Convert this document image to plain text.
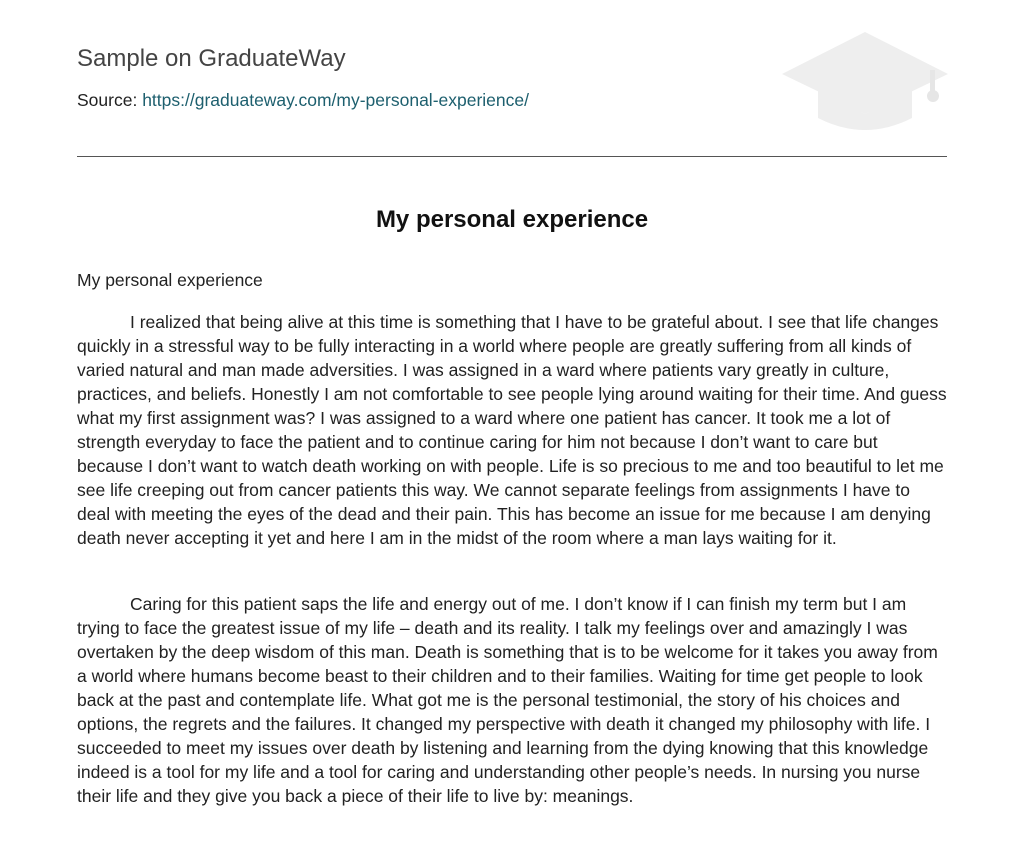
Sample on GraduateWay
Source: https://graduateway.com/my-personal-experience/
My personal experience

My personal experience

I realized that being alive at this time is something that I have to be grateful about. I see that life changes quickly in a stressful way to be fully interacting in a world where people are greatly suffering from all kinds of varied natural and man made adversities. I was assigned in a ward where patients vary greatly in culture, practices, and beliefs. Honestly I am not comfortable to see people lying around waiting for their time. And guess what my first assignment was? I was assigned to a ward where one patient has cancer. It took me a lot of strength everyday to face the patient and to continue caring for him not because I don’t want to care but because I don’t want to watch death working on with people. Life is so precious to me and too beautiful to let me see life creeping out from cancer patients this way. We cannot separate feelings from assignments I have to deal with meeting the eyes of the dead and their pain. This has become an issue for me because I am denying death never accepting it yet and here I am in the midst of the room where a man lays waiting for it.

Caring for this patient saps the life and energy out of me. I don’t know if I can finish my term but I am trying to face the greatest issue of my life – death and its reality. I talk my feelings over and amazingly I was overtaken by the deep wisdom of this man. Death is something that is to be welcome for it takes you away from a world where humans become beast to their children and to their families. Waiting for time get people to look back at the past and contemplate life. What got me is the personal testimonial, the story of his choices and options, the regrets and the failures. It changed my perspective with death it changed my philosophy with life. I succeeded to meet my issues over death by listening and learning from the dying knowing that this knowledge indeed is a tool for my life and a tool for caring and understanding other people’s needs. In nursing you nurse their life and they give you back a piece of their life to live by: meanings.
